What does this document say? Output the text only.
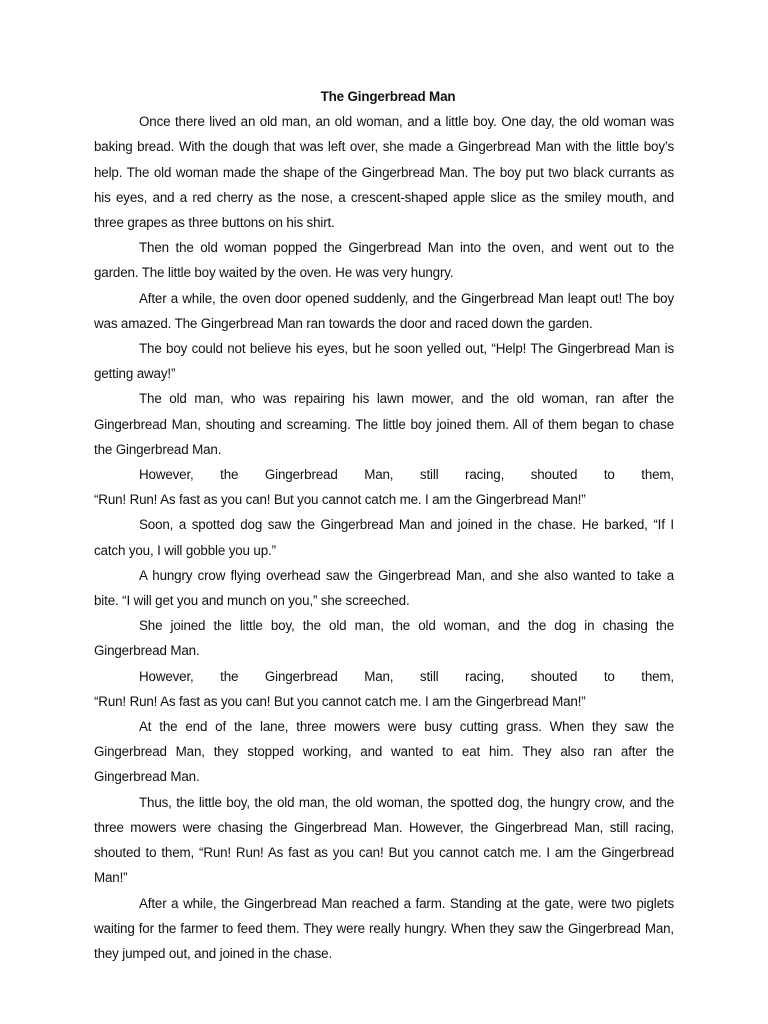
The Gingerbread Man

Once there lived an old man, an old woman, and a little boy. One day, the old woman was baking bread. With the dough that was left over, she made a Gingerbread Man with the little boy’s help. The old woman made the shape of the Gingerbread Man. The boy put two black currants as his eyes, and a red cherry as the nose, a crescent-shaped apple slice as the smiley mouth, and three grapes as three buttons on his shirt.

Then the old woman popped the Gingerbread Man into the oven, and went out to the garden. The little boy waited by the oven. He was very hungry.

After a while, the oven door opened suddenly, and the Gingerbread Man leapt out! The boy was amazed. The Gingerbread Man ran towards the door and raced down the garden.

The boy could not believe his eyes, but he soon yelled out, “Help! The Gingerbread Man is getting away!”

The old man, who was repairing his lawn mower, and the old woman, ran after the Gingerbread Man, shouting and screaming. The little boy joined them. All of them began to chase the Gingerbread Man.

However, the Gingerbread Man, still racing, shouted to them,

“Run! Run! As fast as you can! But you cannot catch me. I am the Gingerbread Man!”

Soon, a spotted dog saw the Gingerbread Man and joined in the chase. He barked, “If I catch you, I will gobble you up.”

A hungry crow flying overhead saw the Gingerbread Man, and she also wanted to take a bite. “I will get you and munch on you,” she screeched.

She joined the little boy, the old man, the old woman, and the dog in chasing the Gingerbread Man.

However, the Gingerbread Man, still racing, shouted to them,

“Run! Run! As fast as you can! But you cannot catch me. I am the Gingerbread Man!”

At the end of the lane, three mowers were busy cutting grass. When they saw the Gingerbread Man, they stopped working, and wanted to eat him. They also ran after the Gingerbread Man.

Thus, the little boy, the old man, the old woman, the spotted dog, the hungry crow, and the three mowers were chasing the Gingerbread Man. However, the Gingerbread Man, still racing, shouted to them, “Run! Run! As fast as you can! But you cannot catch me. I am the Gingerbread Man!”

After a while, the Gingerbread Man reached a farm. Standing at the gate, were two piglets waiting for the farmer to feed them. They were really hungry. When they saw the Gingerbread Man, they jumped out, and joined in the chase.
